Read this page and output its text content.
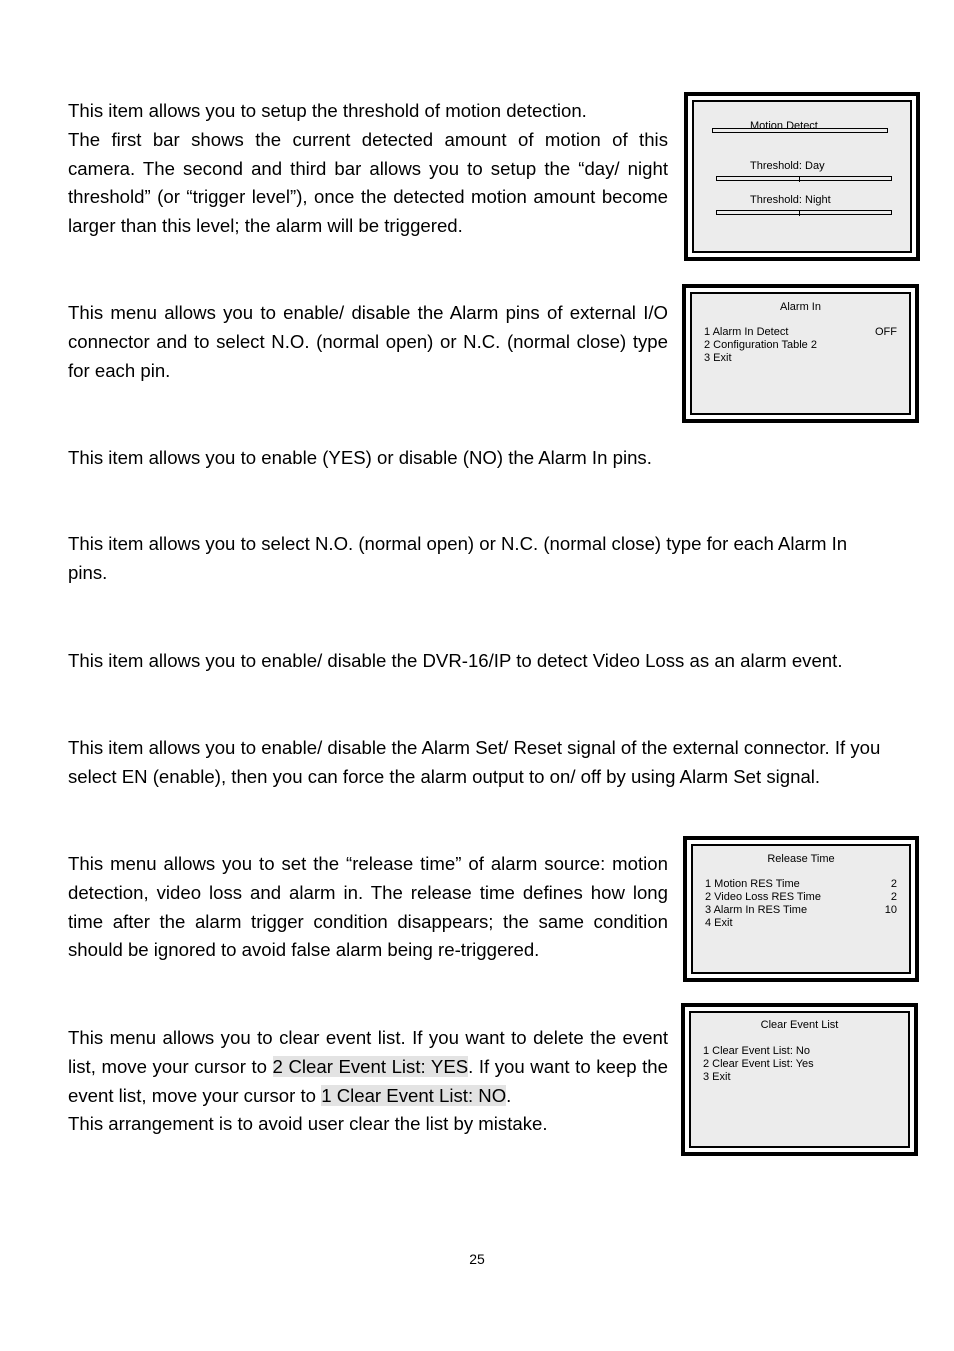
This item allows you to setup the threshold of motion detection.
The first bar shows the current detected amount of motion of this camera. The second and third bar allows you to setup the “day/ night threshold” (or “trigger level”), once the detected motion amount become larger than this level; the alarm will be triggered.

Motion Detect
Threshold: Day
Threshold: Night

This menu allows you to enable/ disable the Alarm pins of external I/O connector and to select N.O. (normal open) or N.C. (normal close) type for each pin.

Alarm In
1 Alarm In Detect	OFF
2 Configuration Table 2
3 Exit

This item allows you to enable (YES) or disable (NO) the Alarm In pins.

This item allows you to select N.O. (normal open) or N.C. (normal close) type for each Alarm In pins.

This item allows you to enable/ disable the DVR-16/IP to detect Video Loss as an alarm event.

This item allows you to enable/ disable the Alarm Set/ Reset signal of the external connector. If you select EN (enable), then you can force the alarm output to on/ off by using Alarm Set signal.

This menu allows you to set the “release time” of alarm source: motion detection, video loss and alarm in. The release time defines how long time after the alarm trigger condition disappears; the same condition should be ignored to avoid false alarm being re-triggered.

Release Time
1 Motion RES Time	2
2 Video Loss RES Time	2
3 Alarm In RES Time	10
4 Exit

This menu allows you to clear event list. If you want to delete the event list, move your cursor to 2 Clear Event List: YES. If you want to keep the event list, move your cursor to 1 Clear Event List: NO.
This arrangement is to avoid user clear the list by mistake.

Clear Event List
1 Clear Event List: No
2 Clear Event List: Yes
3 Exit
25
